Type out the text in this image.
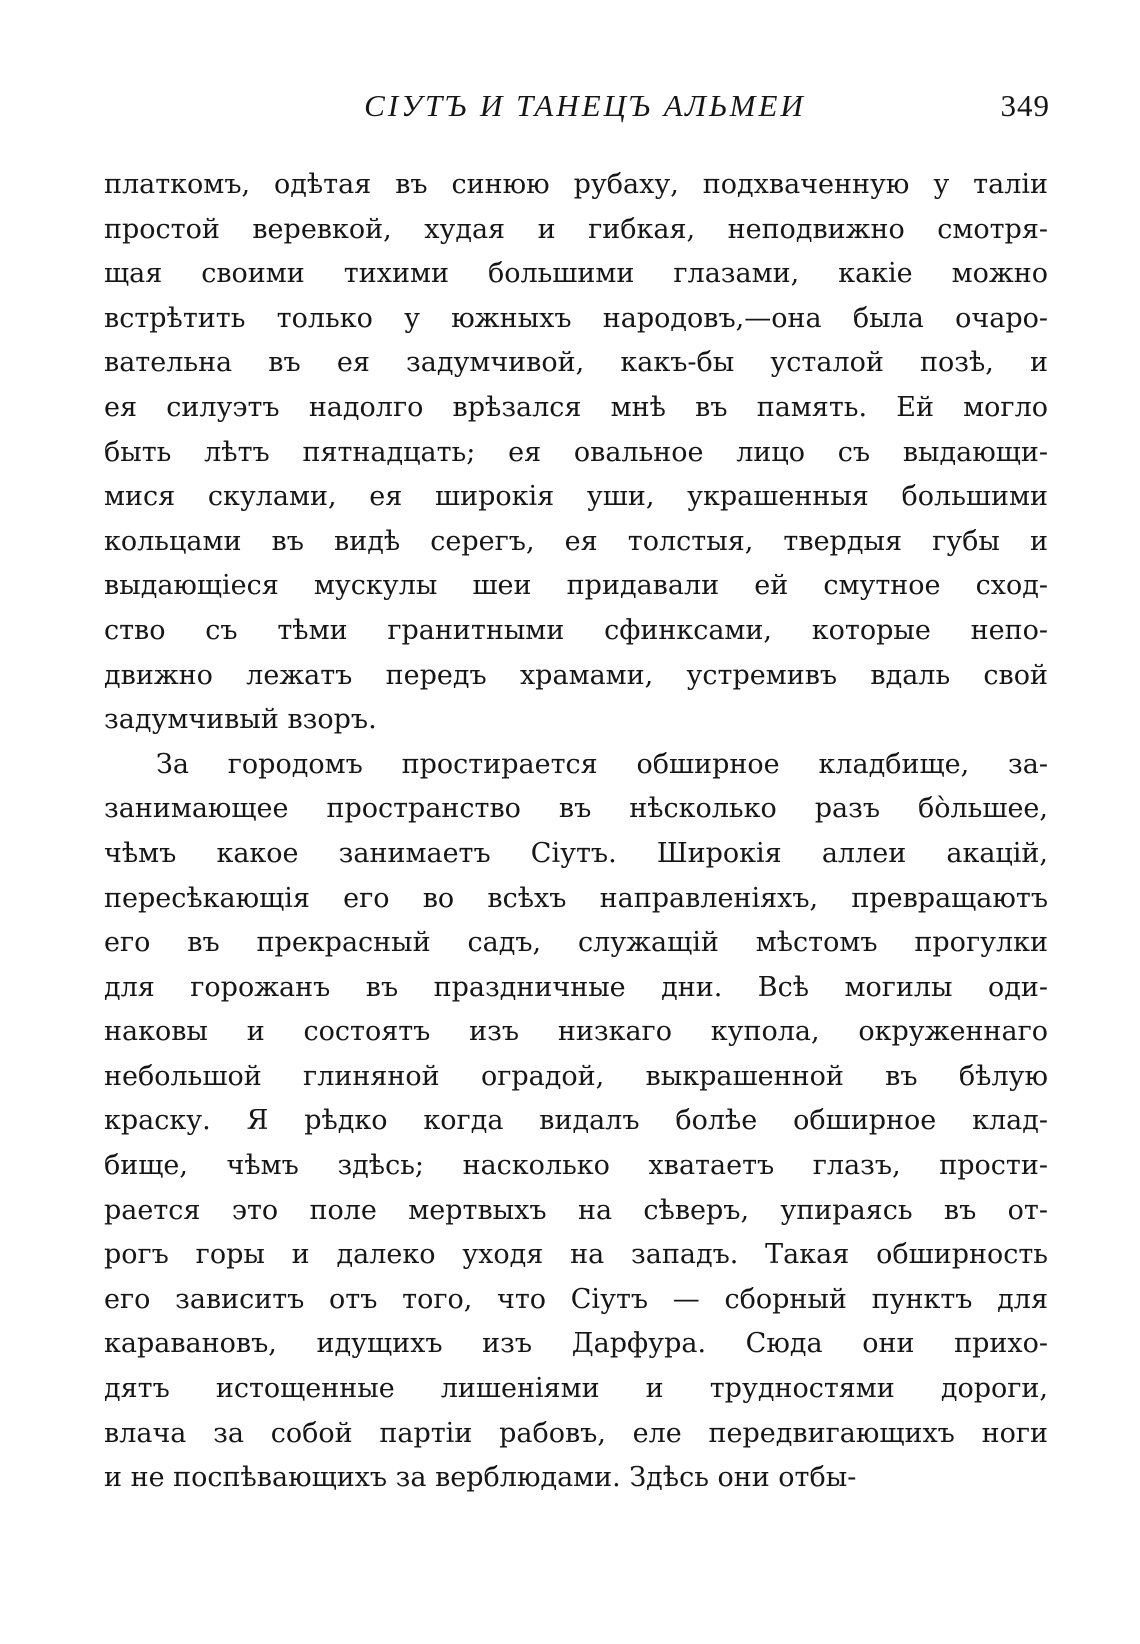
СІУТЪ И ТАНЕЦЪ АЛЬМЕИ	349
платкомъ, одѣтая въ синюю рубаху, подхваченную у таліи
простой веревкой, худая и гибкая, неподвижно смотря-
щая своими тихими большими глазами, какіе можно
встрѣтить только у южныхъ народовъ,—она была очаро-
вательна въ ея задумчивой, какъ-бы усталой позѣ, и
ея силуэтъ надолго врѣзался мнѣ въ память. Ей могло
быть лѣтъ пятнадцать; ея овальное лицо съ выдающи-
мися скулами, ея широкія уши, украшенныя большими
кольцами въ видѣ серегъ, ея толстыя, твердыя губы и
выдающіеся мускулы шеи придавали ей смутное сход-
ство съ тѣми гранитными сфинксами, которые непо-
движно лежатъ передъ храмами, устремивъ вдаль свой
задумчивый взоръ.
За городомъ простирается обширное кладбище, за-
занимающее пространство въ нѣсколько разъ бо̀льшее,
чѣмъ какое занимаетъ Сіутъ. Широкія аллеи акацій,
пересѣкающія его во всѣхъ направленіяхъ, превращаютъ
его въ прекрасный садъ, служащій мѣстомъ прогулки
для горожанъ въ праздничные дни. Всѣ могилы оди-
наковы и состоятъ изъ низкаго купола, окруженнаго
небольшой глиняной оградой, выкрашенной въ бѣлую
краску. Я рѣдко когда видалъ болѣе обширное клад-
бище, чѣмъ здѣсь; насколько хватаетъ глазъ, прости-
рается это поле мертвыхъ на сѣверъ, упираясь въ от-
рогъ горы и далеко уходя на западъ. Такая обширность
его зависитъ отъ того, что Сіутъ — сборный пунктъ для
каравановъ, идущихъ изъ Дарфура. Сюда они прихо-
дятъ истощенные лишеніями и трудностями дороги,
влача за собой партіи рабовъ, еле передвигающихъ ноги
и не поспѣвающихъ за верблюдами. Здѣсь они отбы-
